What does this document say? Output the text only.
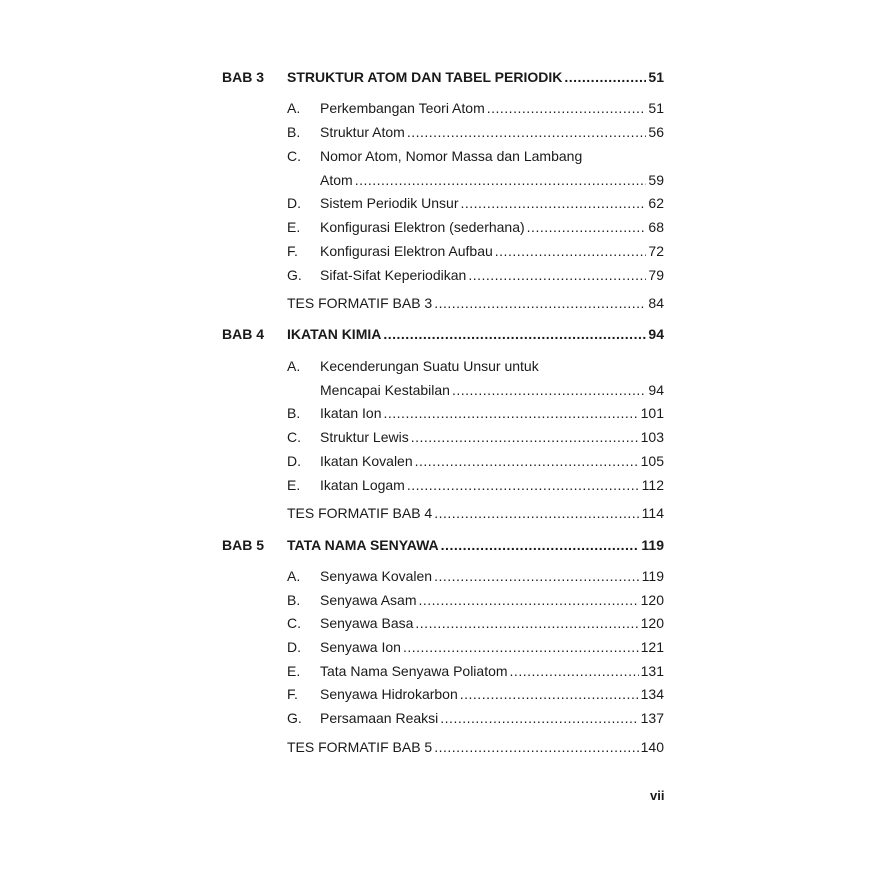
BAB 3 STRUKTUR ATOM DAN TABEL PERIODIK .....	51
A. Perkembangan Teori Atom .....	51
B. Struktur Atom .....	56
C. Nomor Atom, Nomor Massa dan Lambang
Atom .....	59
D. Sistem Periodik Unsur .....	62
E. Konfigurasi Elektron (sederhana) .....	68
F. Konfigurasi Elektron Aufbau .....	72
G. Sifat-Sifat Keperiodikan .....	79
TES FORMATIF BAB 3 .....	84
BAB 4 IKATAN KIMIA .....	94
A. Kecenderungan Suatu Unsur untuk
Mencapai Kestabilan .....	94
B. Ikatan Ion .....	101
C. Struktur Lewis .....	103
D. Ikatan Kovalen .....	105
E. Ikatan Logam .....	112
TES FORMATIF BAB 4 .....	114
BAB 5 TATA NAMA SENYAWA .....	119
A. Senyawa Kovalen .....	119
B. Senyawa Asam .....	120
C. Senyawa Basa .....	120
D. Senyawa Ion .....	121
E. Tata Nama Senyawa Poliatom .....	131
F. Senyawa Hidrokarbon .....	134
G. Persamaan Reaksi .....	137
TES FORMATIF BAB 5 .....	140
vii
